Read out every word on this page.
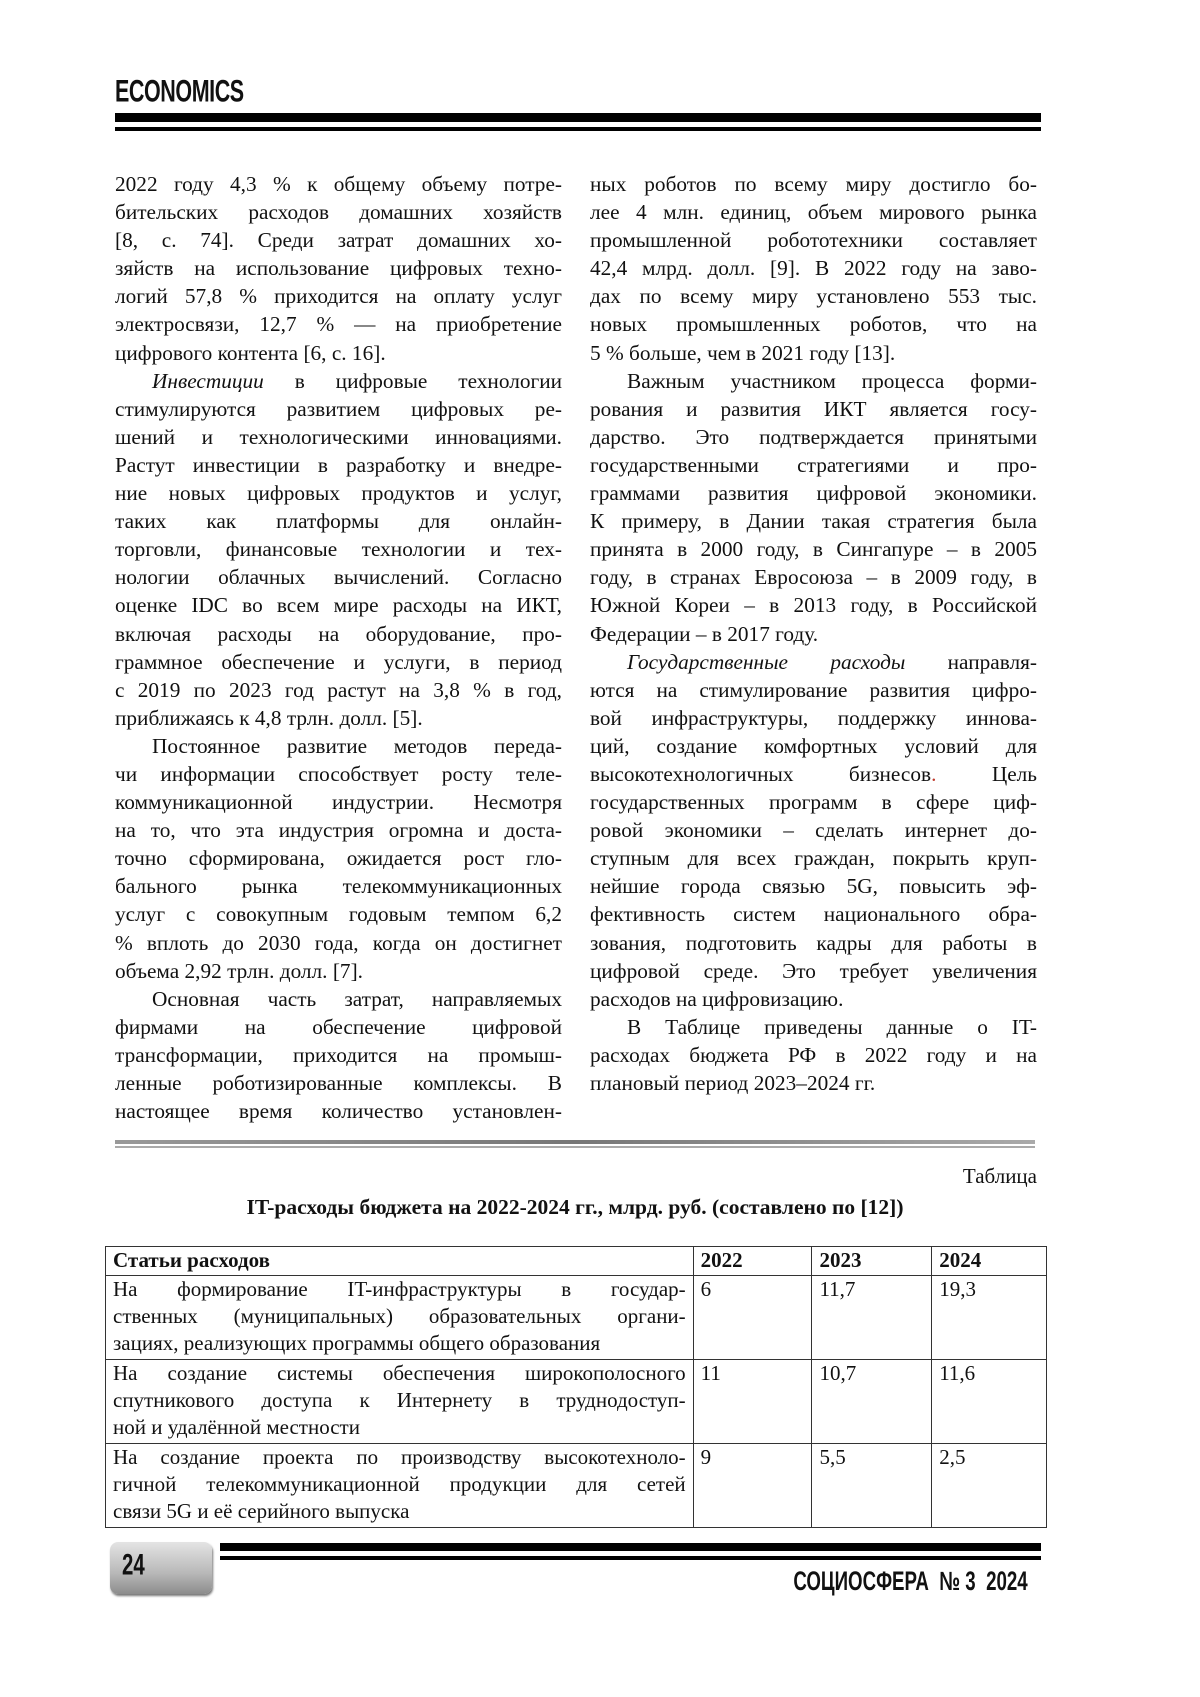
ECONOMICS
2022 году 4,3 % к общему объему потре-
бительских расходов домашних хозяйств
[8, с. 74]. Среди затрат домашних хо-
зяйств на использование цифровых техно-
логий 57,8 % приходится на оплату услуг
электросвязи, 12,7 % — на приобретение
цифрового контента [6, с. 16].
Инвестиции в цифровые технологии
стимулируются развитием цифровых ре-
шений и технологическими инновациями.
Растут инвестиции в разработку и внедре-
ние новых цифровых продуктов и услуг,
таких как платформы для онлайн-
торговли, финансовые технологии и тех-
нологии облачных вычислений. Согласно
оценке IDC во всем мире расходы на ИКТ,
включая расходы на оборудование, про-
граммное обеспечение и услуги, в период
с 2019 по 2023 год растут на 3,8 % в год,
приближаясь к 4,8 трлн. долл. [5].
Постоянное развитие методов переда-
чи информации способствует росту теле-
коммуникационной индустрии. Несмотря
на то, что эта индустрия огромна и доста-
точно сформирована, ожидается рост гло-
бального рынка телекоммуникационных
услуг с совокупным годовым темпом 6,2
% вплоть до 2030 года, когда он достигнет
объема 2,92 трлн. долл. [7].
Основная часть затрат, направляемых
фирмами на обеспечение цифровой
трансформации, приходится на промыш-
ленные роботизированные комплексы. В
настоящее время количество установлен-
ных роботов по всему миру достигло бо-
лее 4 млн. единиц, объем мирового рынка
промышленной робототехники составляет
42,4 млрд. долл. [9]. В 2022 году на заво-
дах по всему миру установлено 553 тыс.
новых промышленных роботов, что на
5 % больше, чем в 2021 году [13].
Важным участником процесса форми-
рования и развития ИКТ является госу-
дарство. Это подтверждается принятыми
государственными стратегиями и про-
граммами развития цифровой экономики.
К примеру, в Дании такая стратегия была
принята в 2000 году, в Сингапуре – в 2005
году, в странах Евросоюза – в 2009 году, в
Южной Кореи – в 2013 году, в Российской
Федерации – в 2017 году.
Государственные расходы направля-
ются на стимулирование развития цифро-
вой инфраструктуры, поддержку иннова-
ций, создание комфортных условий для
высокотехнологичных бизнесов. Цель
государственных программ в сфере циф-
ровой экономики – сделать интернет до-
ступным для всех граждан, покрыть круп-
нейшие города связью 5G, повысить эф-
фективность систем национального обра-
зования, подготовить кадры для работы в
цифровой среде. Это требует увеличения
расходов на цифровизацию.
В Таблице приведены данные о IT-
расходах бюджета РФ в 2022 году и на
плановый период 2023–2024 гг.
Таблица
IT-расходы бюджета на 2022-2024 гг., млрд. руб. (составлено по [12])
Статьи расходов	2022	2023	2024

На формирование IT-инфраструктуры в государ-
ственных (муниципальных) образовательных органи-
зациях, реализующих программы общего образования
	6	11,7	19,3

На создание системы обеспечения широкополосного
спутникового доступа к Интернету в труднодоступ-
ной и удалённой местности
	11	10,7	11,6

На создание проекта по производству высокотехноло-
гичной телекоммуникационной продукции для сетей
связи 5G и её серийного выпуска
	9	5,5	2,5
24	СОЦИОСФЕРА  № 3  2024
